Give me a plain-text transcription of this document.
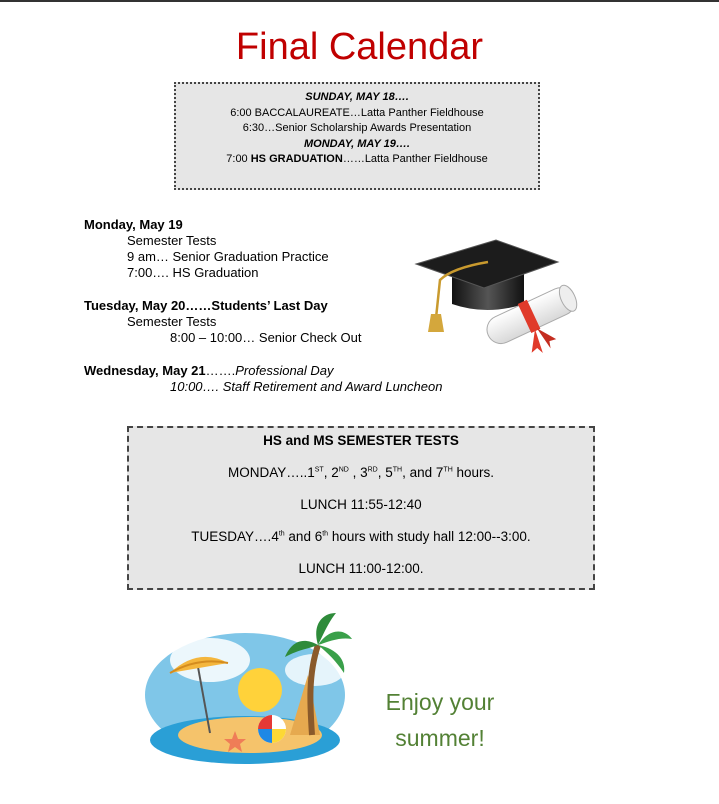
Final Calendar
SUNDAY, MAY 18….
6:00 BACCALAUREATE…Latta Panther Fieldhouse
6:30…Senior Scholarship Awards Presentation
MONDAY, MAY 19….
7:00 HS GRADUATION……Latta Panther Fieldhouse
Monday, May 19
Semester Tests
9 am… Senior Graduation Practice
7:00…. HS Graduation
Tuesday, May 20……Students’ Last Day
Semester Tests
8:00 – 10:00… Senior Check Out
Wednesday, May 21…….Professional Day
10:00…. Staff Retirement and Award Luncheon
HS and MS SEMESTER TESTS
MONDAY…..1ST, 2ND , 3RD, 5TH, and 7TH hours.
LUNCH 11:55-12:40
TUESDAY….4th and 6th hours with study hall 12:00--3:00.
LUNCH 11:00-12:00.
Enjoy your
summer!
